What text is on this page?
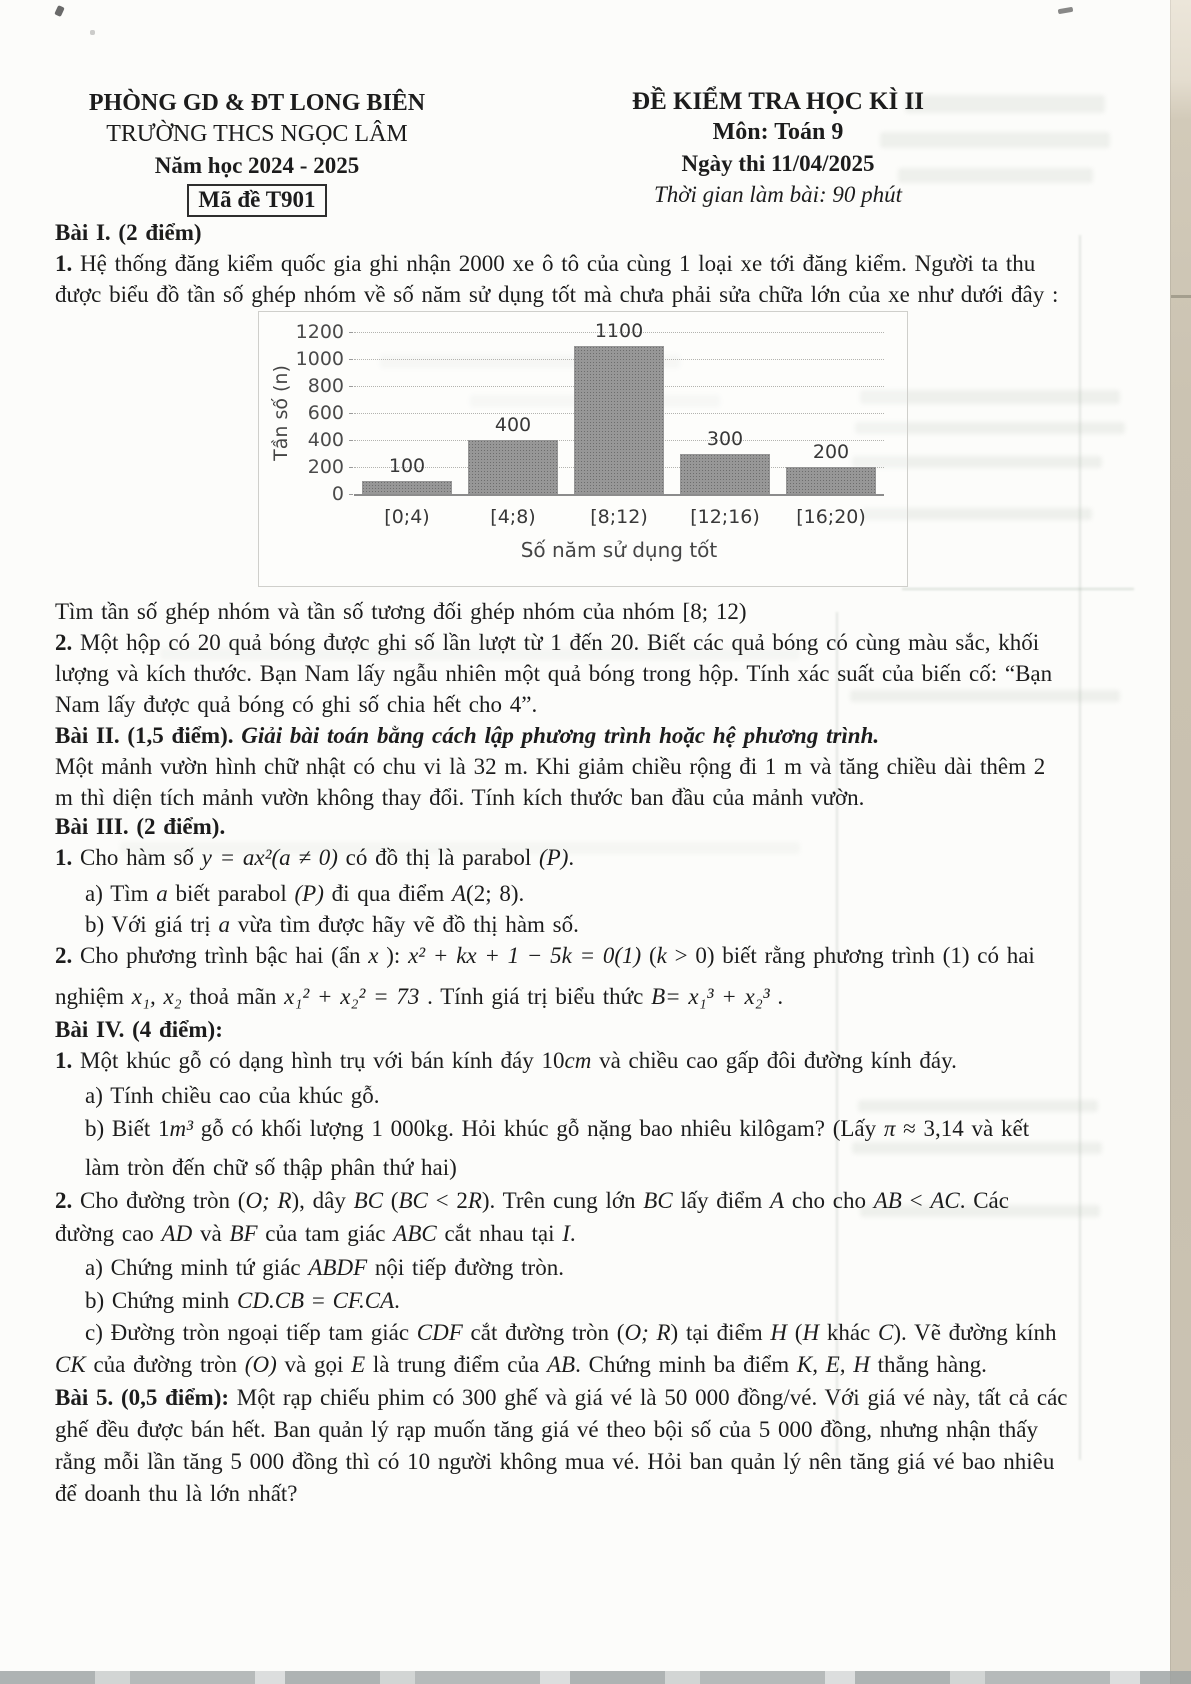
PHÒNG GD & ĐT LONG BIÊN
TRƯỜNG THCS NGỌC LÂM
Năm học 2024 - 2025
Mã đề T901
ĐỀ KIỂM TRA HỌC KÌ II
Môn: Toán 9
Ngày thi 11/04/2025
Thời gian làm bài: 90 phút
Tần số (n)
0
200
400
600
800
1000
1200
100
[0;4)
400
[4;8)
1100
[8;12)
300
[12;16)
200
[16;20)
Số năm sử dụng tốt
Bài I. (2 điểm)
1. Hệ thống đăng kiểm quốc gia ghi nhận 2000 xe ô tô của cùng 1 loại xe tới đăng kiểm. Người ta thu
được biểu đồ tần số ghép nhóm về số năm sử dụng tốt mà chưa phải sửa chữa lớn của xe như dưới đây :
Tìm tần số ghép nhóm và tần số tương đối ghép nhóm của nhóm [8; 12)
2. Một hộp có 20 quả bóng được ghi số lần lượt từ 1 đến 20. Biết các quả bóng có cùng màu sắc, khối
lượng và kích thước. Bạn Nam lấy ngẫu nhiên một quả bóng trong hộp. Tính xác suất của biến cố: “Bạn
Nam lấy được quả bóng có ghi số chia hết cho 4”.
Bài II. (1,5 điểm). Giải bài toán bằng cách lập phương trình hoặc hệ phương trình.
Một mảnh vườn hình chữ nhật có chu vi là 32 m. Khi giảm chiều rộng đi 1 m và tăng chiều dài thêm 2
m thì diện tích mảnh vườn không thay đổi. Tính kích thước ban đầu của mảnh vườn.
Bài III. (2 điểm).
1. Cho hàm số y = ax²(a ≠ 0) có đồ thị là parabol (P).
a) Tìm a biết parabol (P) đi qua điểm A(2; 8).
b) Với giá trị a vừa tìm được hãy vẽ đồ thị hàm số.
2. Cho phương trình bậc hai (ẩn x ): x² + kx + 1 − 5k = 0(1) (k > 0) biết rằng phương trình (1) có hai
nghiệm x₁, x₂ thoả mãn x₁² + x₂² = 73 . Tính giá trị biểu thức B= x₁³ + x₂³ .
Bài IV. (4 điểm):
1. Một khúc gỗ có dạng hình trụ với bán kính đáy 10cm và chiều cao gấp đôi đường kính đáy.
a) Tính chiều cao của khúc gỗ.
b) Biết 1m³ gỗ có khối lượng 1 000kg. Hỏi khúc gỗ nặng bao nhiêu kilôgam? (Lấy π ≈ 3,14 và kết
làm tròn đến chữ số thập phân thứ hai)
2. Cho đường tròn (O; R), dây BC (BC < 2R). Trên cung lớn BC lấy điểm A cho cho AB < AC. Các
đường cao AD và BF của tam giác ABC cắt nhau tại I.
a) Chứng minh tứ giác ABDF nội tiếp đường tròn.
b) Chứng minh CD.CB = CF.CA.
c) Đường tròn ngoại tiếp tam giác CDF cắt đường tròn (O; R) tại điểm H (H khác C). Vẽ đường kính
CK của đường tròn (O) và gọi E là trung điểm của AB. Chứng minh ba điểm K, E, H thẳng hàng.
Bài 5. (0,5 điểm): Một rạp chiếu phim có 300 ghế và giá vé là 50 000 đồng/vé. Với giá vé này, tất cả các
ghế đều được bán hết. Ban quản lý rạp muốn tăng giá vé theo bội số của 5 000 đồng, nhưng nhận thấy
rằng mỗi lần tăng 5 000 đồng thì có 10 người không mua vé. Hỏi ban quản lý nên tăng giá vé bao nhiêu
để doanh thu là lớn nhất?
